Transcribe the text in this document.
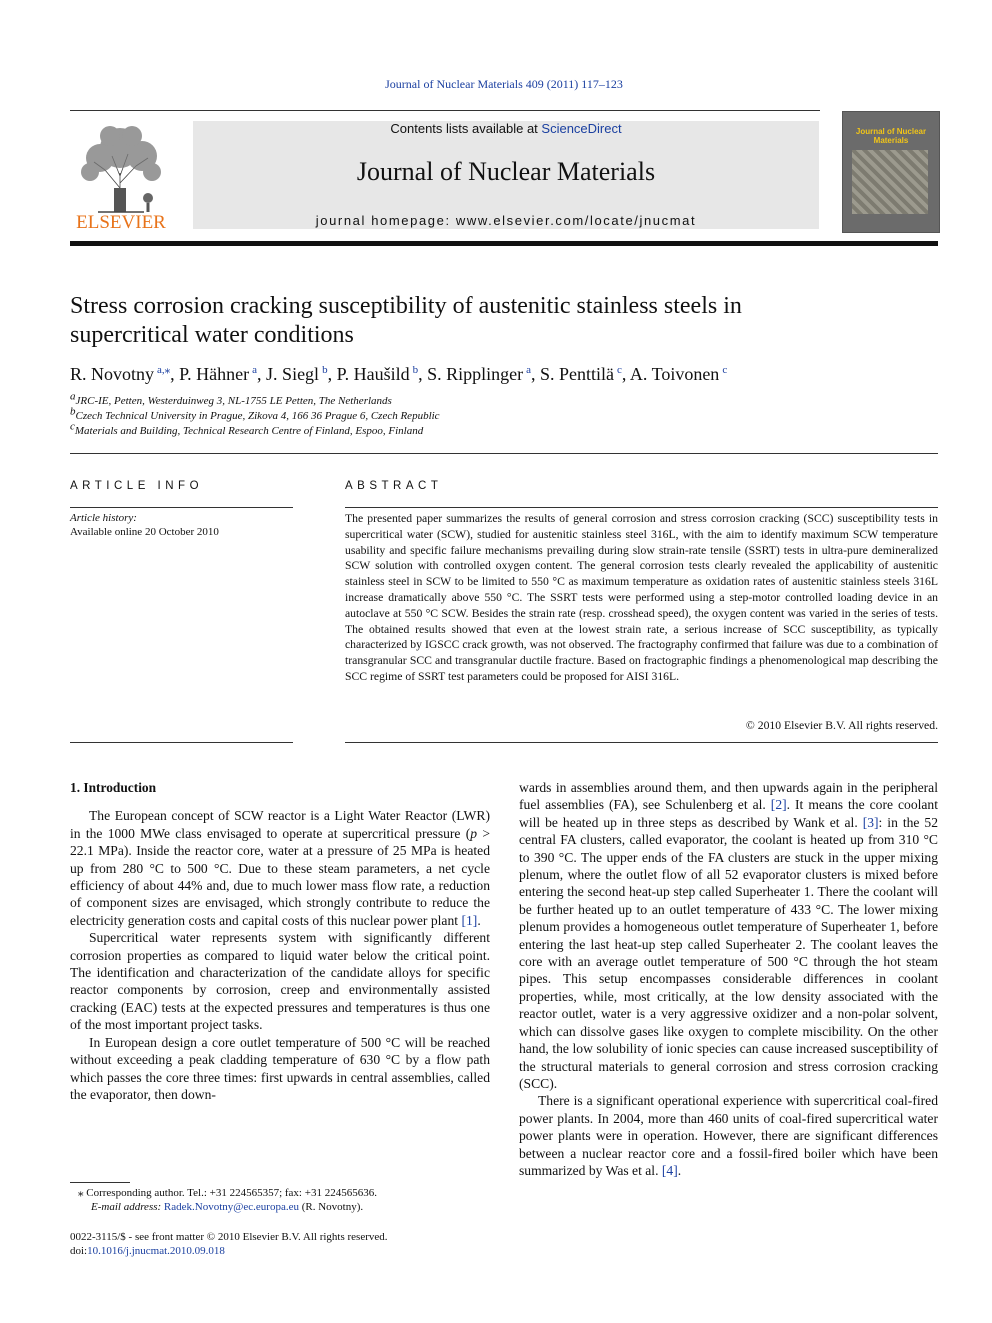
Journal of Nuclear Materials 409 (2011) 117–123
ELSEVIER
Contents lists available at ScienceDirect
Journal of Nuclear Materials
journal homepage: www.elsevier.com/locate/jnucmat
Journal of Nuclear Materials
Stress corrosion cracking susceptibility of austenitic stainless steels in supercritical water conditions
R. Novotny $^{a,⁎}$, P. Hähner $^a$, J. Siegl $^b$, P. Haušild $^b$, S. Ripplinger $^a$, S. Penttilä $^c$, A. Toivonen $^c$
$^a$JRC-IE, Petten, Westerduinweg 3, NL-1755 LE Petten, The Netherlands
$^b$Czech Technical University in Prague, Zikova 4, 166 36 Prague 6, Czech Republic
$^c$Materials and Building, Technical Research Centre of Finland, Espoo, Finland
ARTICLE INFO	ABSTRACT
Article history:
Available online 20 October 2010
The presented paper summarizes the results of general corrosion and stress corrosion cracking (SCC) susceptibility tests in supercritical water (SCW), studied for austenitic stainless steel 316L, with the aim to identify maximum SCW temperature usability and specific failure mechanisms prevailing during slow strain-rate tensile (SSRT) tests in ultra-pure demineralized SCW solution with controlled oxygen content. The general corrosion tests clearly revealed the applicability of austenitic stainless steel in SCW to be limited to 550 °C as maximum temperature as oxidation rates of austenitic stainless steels 316L increase dramatically above 550 °C. The SSRT tests were performed using a step-motor controlled loading device in an autoclave at 550 °C SCW. Besides the strain rate (resp. crosshead speed), the oxygen content was varied in the series of tests. The obtained results showed that even at the lowest strain rate, a serious increase of SCC susceptibility, as typically characterized by IGSCC crack growth, was not observed. The fractography confirmed that failure was due to a combination of transgranular SCC and transgranular ductile fracture. Based on fractographic findings a phenomenological map describing the SCC regime of SSRT test parameters could be proposed for AISI 316L.
© 2010 Elsevier B.V. All rights reserved.

1. Introduction

The European concept of SCW reactor is a Light Water Reactor (LWR) in the 1000 MWe class envisaged to operate at supercritical pressure (p > 22.1 MPa). Inside the reactor core, water at a pressure of 25 MPa is heated up from 280 °C to 500 °C. Due to these steam parameters, a net cycle efficiency of about 44% and, due to much lower mass flow rate, a reduction of component sizes are envisaged, which strongly contribute to reduce the electricity generation costs and capital costs of this nuclear power plant [1].

Supercritical water represents system with significantly different corrosion properties as compared to liquid water below the critical point. The identification and characterization of the candidate alloys for specific reactor components by corrosion, creep and environmentally assisted cracking (EAC) tests at the expected pressures and temperatures is thus one of the most important project tasks.

In European design a core outlet temperature of 500 °C will be reached without exceeding a peak cladding temperature of 630 °C by a flow path which passes the core three times: first upwards in central assemblies, called the evaporator, then down-

wards in assemblies around them, and then upwards again in the peripheral fuel assemblies (FA), see Schulenberg et al. [2]. It means the core coolant will be heated up in three steps as described by Wank et al. [3]: in the 52 central FA clusters, called evaporator, the coolant is heated up from 310 °C to 390 °C. The upper ends of the FA clusters are stuck in the upper mixing plenum, where the outlet flow of all 52 evaporator clusters is mixed before entering the second heat-up step called Superheater 1. There the coolant will be further heated up to an outlet temperature of 433 °C. The lower mixing plenum provides a homogeneous outlet temperature of Superheater 1, before entering the last heat-up step called Superheater 2. The coolant leaves the core with an average outlet temperature of 500 °C through the hot steam pipes. This setup encompasses considerable differences in coolant properties, while, most critically, at the low density associated with the reactor outlet, water is a very aggressive oxidizer and a non-polar solvent, which can dissolve gases like oxygen to complete miscibility. On the other hand, the low solubility of ionic species can cause increased susceptibility of the structural materials to general corrosion and stress corrosion cracking (SCC).

There is a significant operational experience with supercritical coal-fired power plants. In 2004, more than 460 units of coal-fired supercritical water power plants were in operation. However, there are significant differences between a nuclear reactor core and a fossil-fired boiler which have been summarized by Was et al. [4].

⁎ Corresponding author. Tel.: +31 224565357; fax: +31 224565636.
E-mail address: Radek.Novotny@ec.europa.eu (R. Novotny).
0022-3115/$ - see front matter © 2010 Elsevier B.V. All rights reserved.
doi:10.1016/j.jnucmat.2010.09.018
